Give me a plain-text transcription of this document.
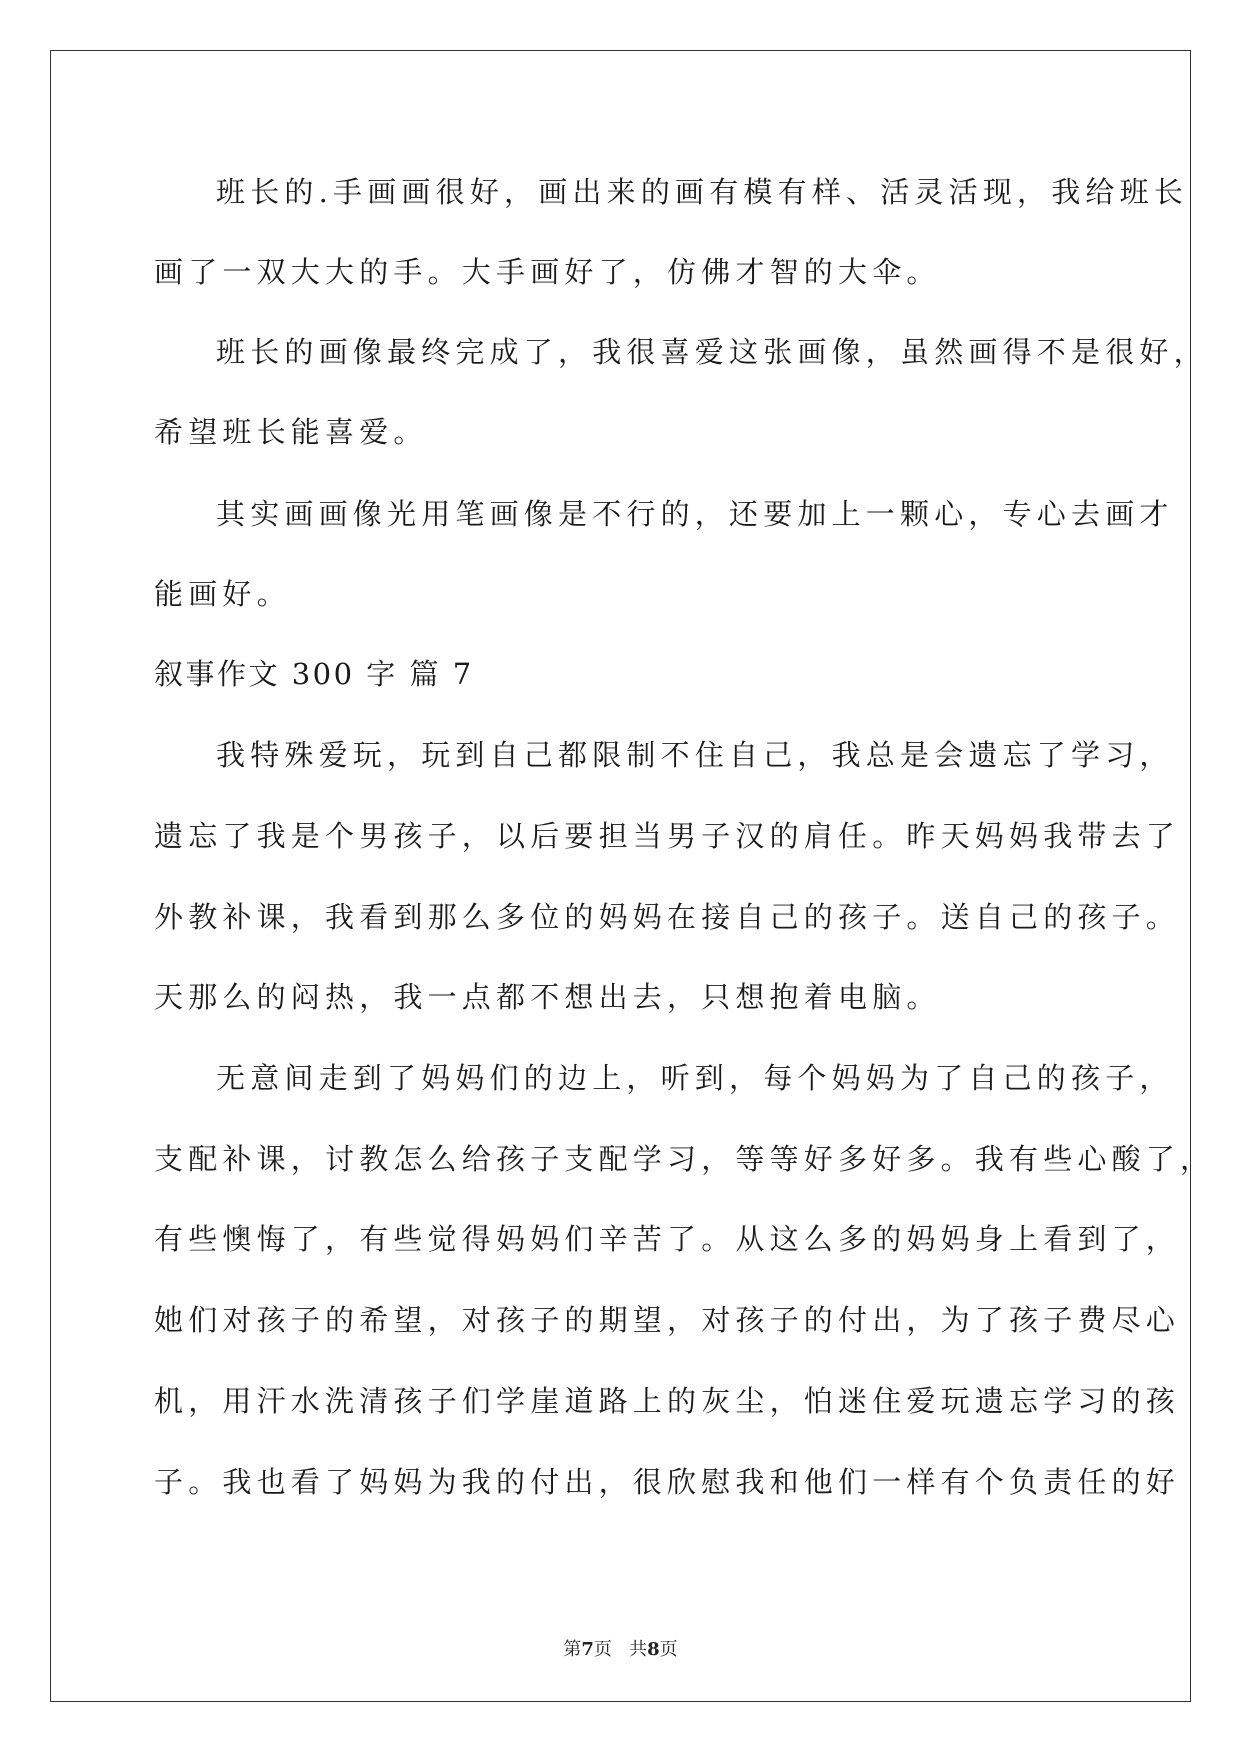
班长的.手画画很好，画出来的画有模有样、活灵活现，我给班长
画了一双大大的手。大手画好了，仿佛才智的大伞。
班长的画像最终完成了，我很喜爱这张画像，虽然画得不是很好，
希望班长能喜爱。
其实画画像光用笔画像是不行的，还要加上一颗心，专心去画才
能画好。
叙事作文 300 字 篇 7
我特殊爱玩，玩到自己都限制不住自己，我总是会遗忘了学习，
遗忘了我是个男孩子，以后要担当男子汉的肩任。昨天妈妈我带去了
外教补课，我看到那么多位的妈妈在接自己的孩子。送自己的孩子。
天那么的闷热，我一点都不想出去，只想抱着电脑。
无意间走到了妈妈们的边上，听到，每个妈妈为了自己的孩子，
支配补课，讨教怎么给孩子支配学习，等等好多好多。我有些心酸了，
有些懊悔了，有些觉得妈妈们辛苦了。从这么多的妈妈身上看到了，
她们对孩子的希望，对孩子的期望，对孩子的付出，为了孩子费尽心
机，用汗水洗清孩子们学崖道路上的灰尘，怕迷住爱玩遗忘学习的孩
子。我也看了妈妈为我的付出，很欣慰我和他们一样有个负责任的好
第7页 共8页
